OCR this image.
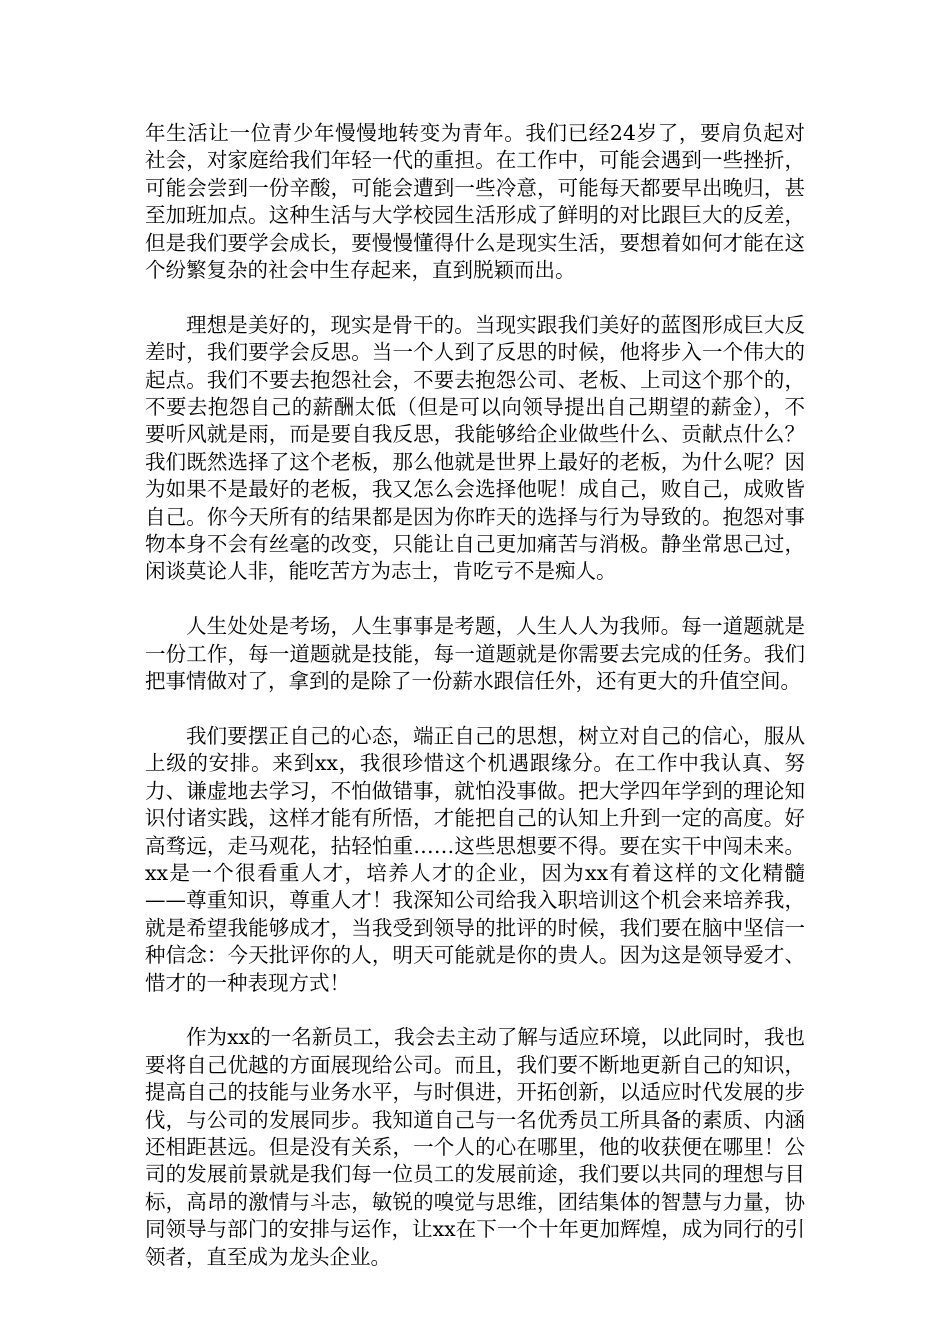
年生活让一位青少年慢慢地转变为青年。我们已经24岁了，要肩负起对社会，对家庭给我们年轻一代的重担。在工作中，可能会遇到一些挫折，可能会尝到一份辛酸，可能会遭到一些冷意，可能每天都要早出晚归，甚至加班加点。这种生活与大学校园生活形成了鲜明的对比跟巨大的反差，但是我们要学会成长，要慢慢懂得什么是现实生活，要想着如何才能在这个纷繁复杂的社会中生存起来，直到脱颖而出。

理想是美好的，现实是骨干的。当现实跟我们美好的蓝图形成巨大反差时，我们要学会反思。当一个人到了反思的时候，他将步入一个伟大的起点。我们不要去抱怨社会，不要去抱怨公司、老板、上司这个那个的，不要去抱怨自己的薪酬太低（但是可以向领导提出自己期望的薪金），不要听风就是雨，而是要自我反思，我能够给企业做些什么、贡献点什么？我们既然选择了这个老板，那么他就是世界上最好的老板，为什么呢？因为如果不是最好的老板，我又怎么会选择他呢！成自己，败自己，成败皆自己。你今天所有的结果都是因为你昨天的选择与行为导致的。抱怨对事物本身不会有丝毫的改变，只能让自己更加痛苦与消极。静坐常思己过，闲谈莫论人非，能吃苦方为志士，肯吃亏不是痴人。

人生处处是考场，人生事事是考题，人生人人为我师。每一道题就是一份工作，每一道题就是技能，每一道题就是你需要去完成的任务。我们把事情做对了，拿到的是除了一份薪水跟信任外，还有更大的升值空间。

我们要摆正自己的心态，端正自己的思想，树立对自己的信心，服从上级的安排。来到xx，我很珍惜这个机遇跟缘分。在工作中我认真、努力、谦虚地去学习，不怕做错事，就怕没事做。把大学四年学到的理论知识付诸实践，这样才能有所悟，才能把自己的认知上升到一定的高度。好高骛远，走马观花，拈轻怕重……这些思想要不得。要在实干中闯未来。xx是一个很看重人才，培养人才的企业，因为xx有着这样的文化精髓——尊重知识，尊重人才！我深知公司给我入职培训这个机会来培养我，就是希望我能够成才，当我受到领导的批评的时候，我们要在脑中坚信一种信念：今天批评你的人，明天可能就是你的贵人。因为这是领导爱才、惜才的一种表现方式！

作为xx的一名新员工，我会去主动了解与适应环境，以此同时，我也要将自己优越的方面展现给公司。而且，我们要不断地更新自己的知识，提高自己的技能与业务水平，与时俱进，开拓创新，以适应时代发展的步伐，与公司的发展同步。我知道自己与一名优秀员工所具备的素质、内涵还相距甚远。但是没有关系，一个人的心在哪里，他的收获便在哪里！公司的发展前景就是我们每一位员工的发展前途，我们要以共同的理想与目标，高昂的激情与斗志，敏锐的嗅觉与思维，团结集体的智慧与力量，协同领导与部门的安排与运作，让xx在下一个十年更加辉煌，成为同行的引领者，直至成为龙头企业。
